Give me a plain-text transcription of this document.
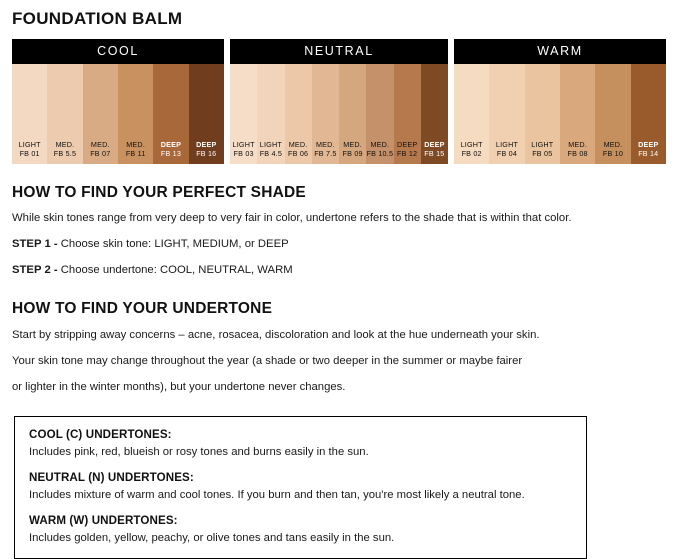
FOUNDATION BALM
COOL
LIGHT
FB 01
MED.
FB 5.5
MED.
FB 07
MED.
FB 11
DEEP
FB 13
DEEP
FB 16
NEUTRAL
LIGHT
FB 03
LIGHT
FB 4.5
MED.
FB 06
MED.
FB 7.5
MED.
FB 09
MED.
FB 10.5
DEEP
FB 12
DEEP
FB 15
WARM
LIGHT
FB 02
LIGHT
FB 04
LIGHT
FB 05
MED.
FB 08
MED.
FB 10
DEEP
FB 14
HOW TO FIND YOUR PERFECT SHADE
While skin tones range from very deep to very fair in color, undertone refers to the shade that is within that color.
STEP 1 - Choose skin tone: LIGHT, MEDIUM, or DEEP
STEP 2 - Choose undertone: COOL, NEUTRAL, WARM
HOW TO FIND YOUR UNDERTONE
Start by stripping away concerns – acne, rosacea, discoloration and look at the hue underneath your skin.
Your skin tone may change throughout the year (a shade or two deeper in the summer or maybe fairer
or lighter in the winter months), but your undertone never changes.
COOL (C) UNDERTONES:
Includes pink, red, blueish or rosy tones and burns easily in the sun.
NEUTRAL (N) UNDERTONES:
Includes mixture of warm and cool tones. If you burn and then tan, you're most likely a neutral tone.
WARM (W) UNDERTONES:
Includes golden, yellow, peachy, or olive tones and tans easily in the sun.
